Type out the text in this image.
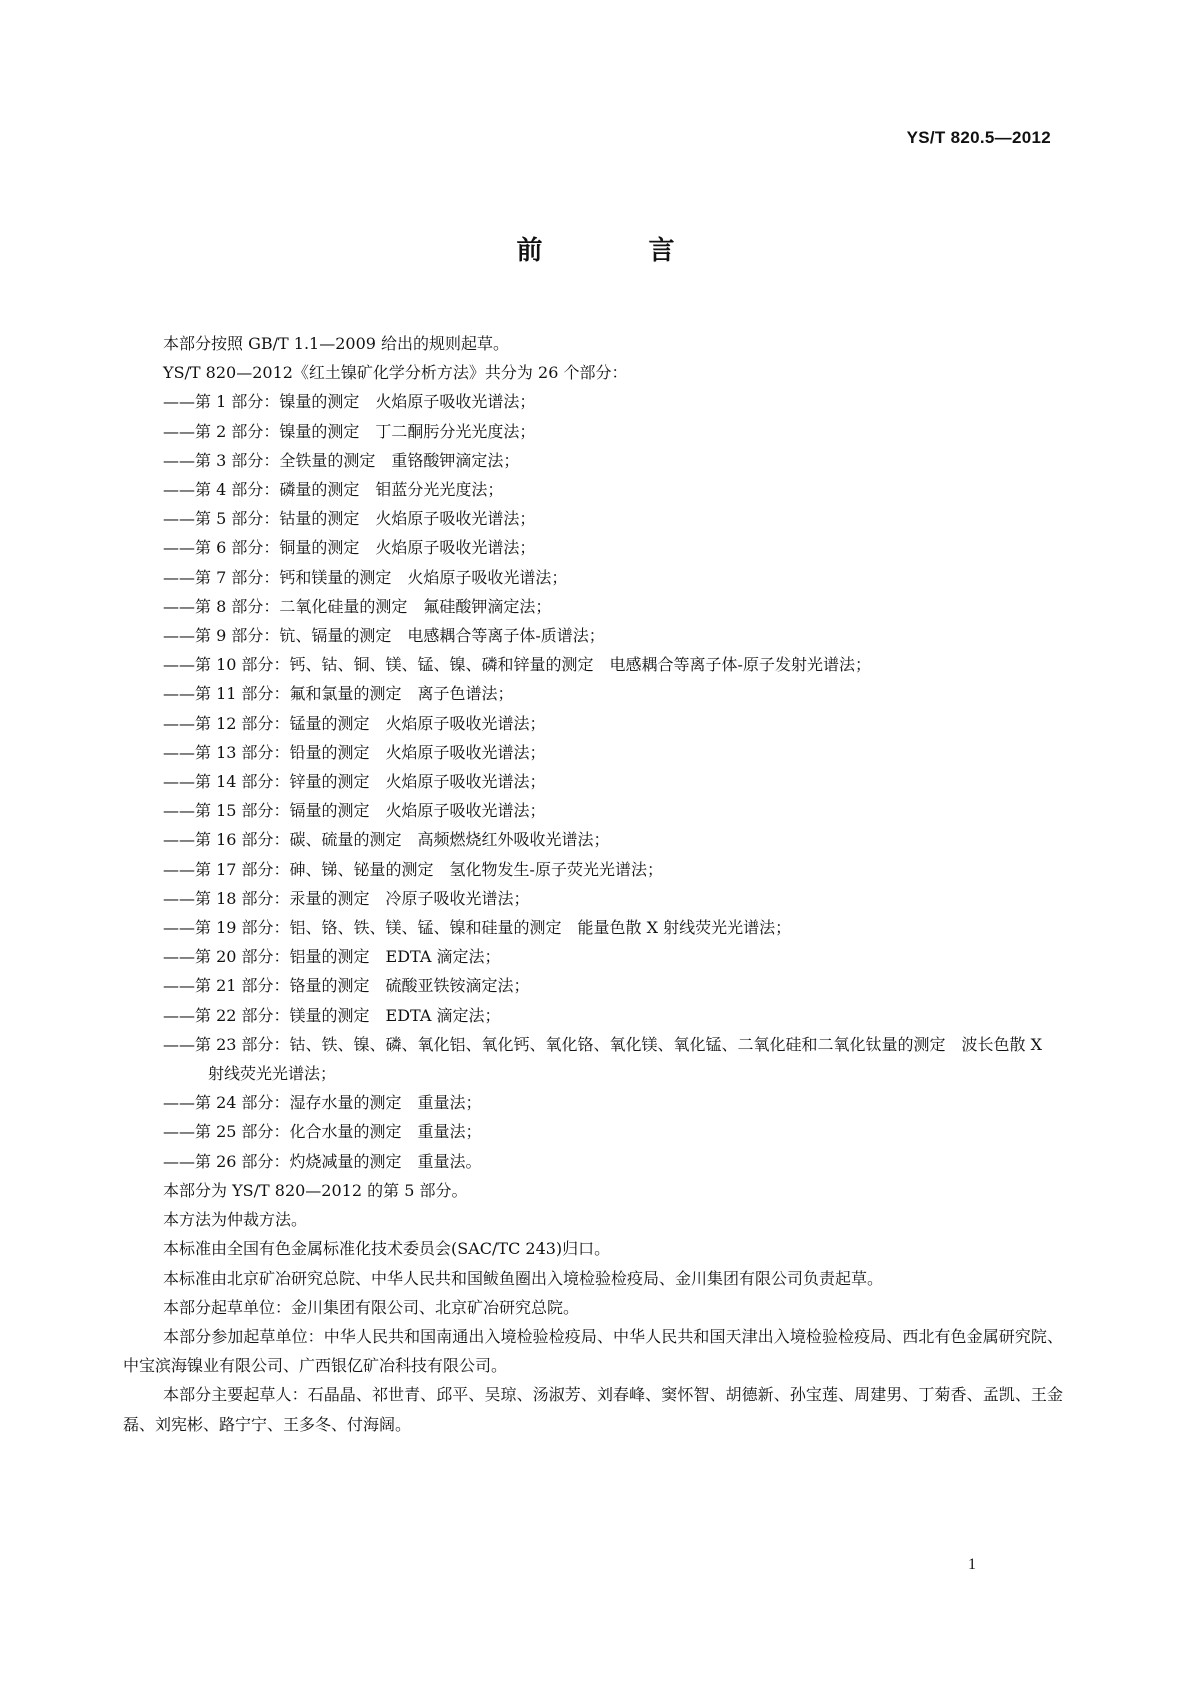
YS/T 820.5—2012
前　言

本部分按照 GB/T 1.1—2009 给出的规则起草。

YS/T 820—2012《红土镍矿化学分析方法》共分为 26 个部分：

——第 1 部分：镍量的测定　火焰原子吸收光谱法；

——第 2 部分：镍量的测定　丁二酮肟分光光度法；

——第 3 部分：全铁量的测定　重铬酸钾滴定法；

——第 4 部分：磷量的测定　钼蓝分光光度法；

——第 5 部分：钴量的测定　火焰原子吸收光谱法；

——第 6 部分：铜量的测定　火焰原子吸收光谱法；

——第 7 部分：钙和镁量的测定　火焰原子吸收光谱法；

——第 8 部分：二氧化硅量的测定　氟硅酸钾滴定法；

——第 9 部分：钪、镉量的测定　电感耦合等离子体-质谱法；

——第 10 部分：钙、钴、铜、镁、锰、镍、磷和锌量的测定　电感耦合等离子体-原子发射光谱法；

——第 11 部分：氟和氯量的测定　离子色谱法；

——第 12 部分：锰量的测定　火焰原子吸收光谱法；

——第 13 部分：铅量的测定　火焰原子吸收光谱法；

——第 14 部分：锌量的测定　火焰原子吸收光谱法；

——第 15 部分：镉量的测定　火焰原子吸收光谱法；

——第 16 部分：碳、硫量的测定　高频燃烧红外吸收光谱法；

——第 17 部分：砷、锑、铋量的测定　氢化物发生-原子荧光光谱法；

——第 18 部分：汞量的测定　冷原子吸收光谱法；

——第 19 部分：铝、铬、铁、镁、锰、镍和硅量的测定　能量色散 X 射线荧光光谱法；

——第 20 部分：铝量的测定　EDTA 滴定法；

——第 21 部分：铬量的测定　硫酸亚铁铵滴定法；

——第 22 部分：镁量的测定　EDTA 滴定法；

——第 23 部分：钴、铁、镍、磷、氧化铝、氧化钙、氧化铬、氧化镁、氧化锰、二氧化硅和二氧化钛量的测定　波长色散 X 射线荧光光谱法；

——第 24 部分：湿存水量的测定　重量法；

——第 25 部分：化合水量的测定　重量法；

——第 26 部分：灼烧减量的测定　重量法。

本部分为 YS/T 820—2012 的第 5 部分。

本方法为仲裁方法。

本标准由全国有色金属标准化技术委员会(SAC/TC 243)归口。

本标准由北京矿冶研究总院、中华人民共和国鲅鱼圈出入境检验检疫局、金川集团有限公司负责起草。

本部分起草单位：金川集团有限公司、北京矿冶研究总院。

本部分参加起草单位：中华人民共和国南通出入境检验检疫局、中华人民共和国天津出入境检验检疫局、西北有色金属研究院、中宝滨海镍业有限公司、广西银亿矿冶科技有限公司。

本部分主要起草人：石晶晶、祁世青、邱平、吴琼、汤淑芳、刘春峰、窦怀智、胡德新、孙宝莲、周建男、丁菊香、孟凯、王金磊、刘宪彬、路宁宁、王多冬、付海阔。

1
